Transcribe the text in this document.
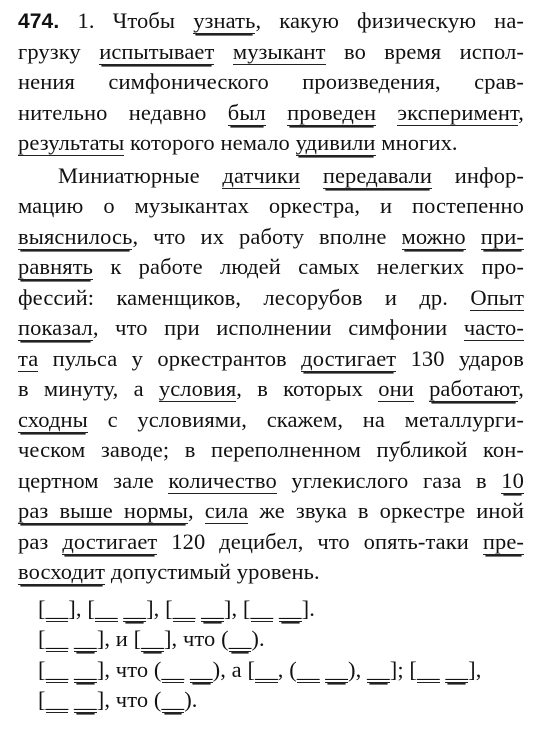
474. 1. Чтобы узнать, какую физическую на-
грузку испытывает музыкант во время испол-
нения симфонического произведения, срав-
нительно недавно был проведен эксперимент,
результаты которого немало удивили многих.
Миниатюрные датчики передавали инфор-
мацию о музыкантах оркестра, и постепенно
выяснилось, что их работу вполне можно при-
равнять к работе людей самых нелегких про-
фессий: каменщиков, лесорубов и др. Опыт
показал, что при исполнении симфонии часто-
та пульса у оркестрантов достигает 130 ударов
в минуту, а условия, в которых они работают,
сходны с условиями, скажем, на металлурги-
ческом заводе; в переполненном публикой кон-
цертном зале количество углекислого газа в 10
раз выше нормы, сила же звука в оркестре иной
раз достигает 120 децибел, что опять-таки пре-
восходит допустимый уровень.
[__], [__ __], [__ __], [__ __].
[__ __], и [__], что (__).
[__ __], что (__ __), а [__, (__ __), __]; [__ __],
[__ __], что (__).
